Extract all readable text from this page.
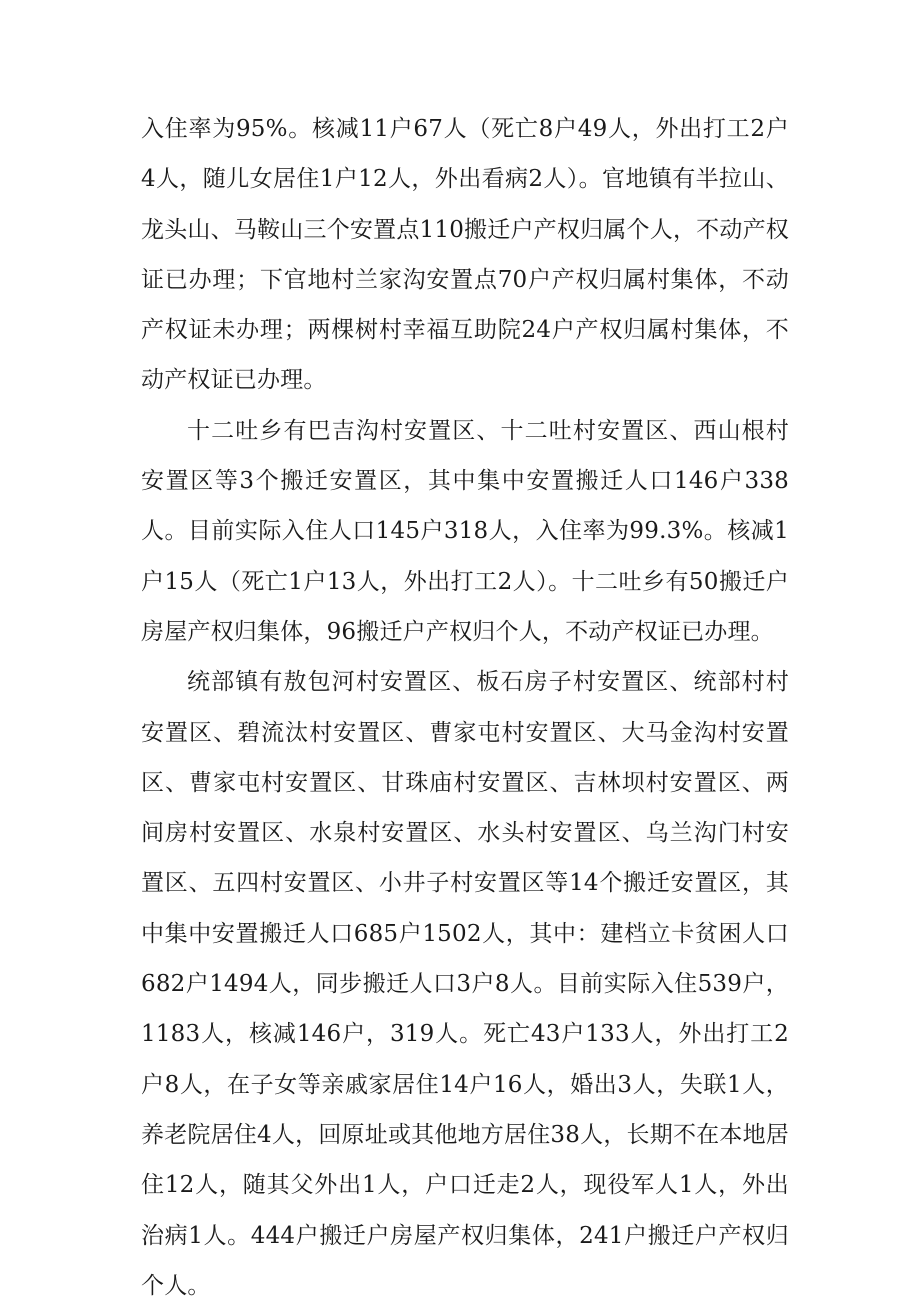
入住率为95%。核减11户67人（死亡8户49人，外出打工2户4人，随儿女居住1户12人，外出看病2人）。官地镇有半拉山、龙头山、马鞍山三个安置点110搬迁户产权归属个人，不动产权证已办理；下官地村兰家沟安置点70户产权归属村集体，不动产权证未办理；两棵树村幸福互助院24户产权归属村集体，不动产权证已办理。

十二吐乡有巴吉沟村安置区、十二吐村安置区、西山根村安置区等3个搬迁安置区，其中集中安置搬迁人口146户338人。目前实际入住人口145户318人，入住率为99.3%。核减1户15人（死亡1户13人，外出打工2人）。十二吐乡有50搬迁户房屋产权归集体，96搬迁户产权归个人，不动产权证已办理。

统部镇有敖包河村安置区、板石房子村安置区、统部村村安置区、碧流汰村安置区、曹家屯村安置区、大马金沟村安置区、曹家屯村安置区、甘珠庙村安置区、吉林坝村安置区、两间房村安置区、水泉村安置区、水头村安置区、乌兰沟门村安置区、五四村安置区、小井子村安置区等14个搬迁安置区，其中集中安置搬迁人口685户1502人，其中：建档立卡贫困人口682户1494人，同步搬迁人口3户8人。目前实际入住539户，1183人，核减146户，319人。死亡43户133人，外出打工2户8人，在子女等亲戚家居住14户16人，婚出3人，失联1人，养老院居住4人，回原址或其他地方居住38人，长期不在本地居住12人，随其父外出1人，户口迁走2人，现役军人1人，外出治病1人。444户搬迁户房屋产权归集体，241户搬迁户产权归个人。
